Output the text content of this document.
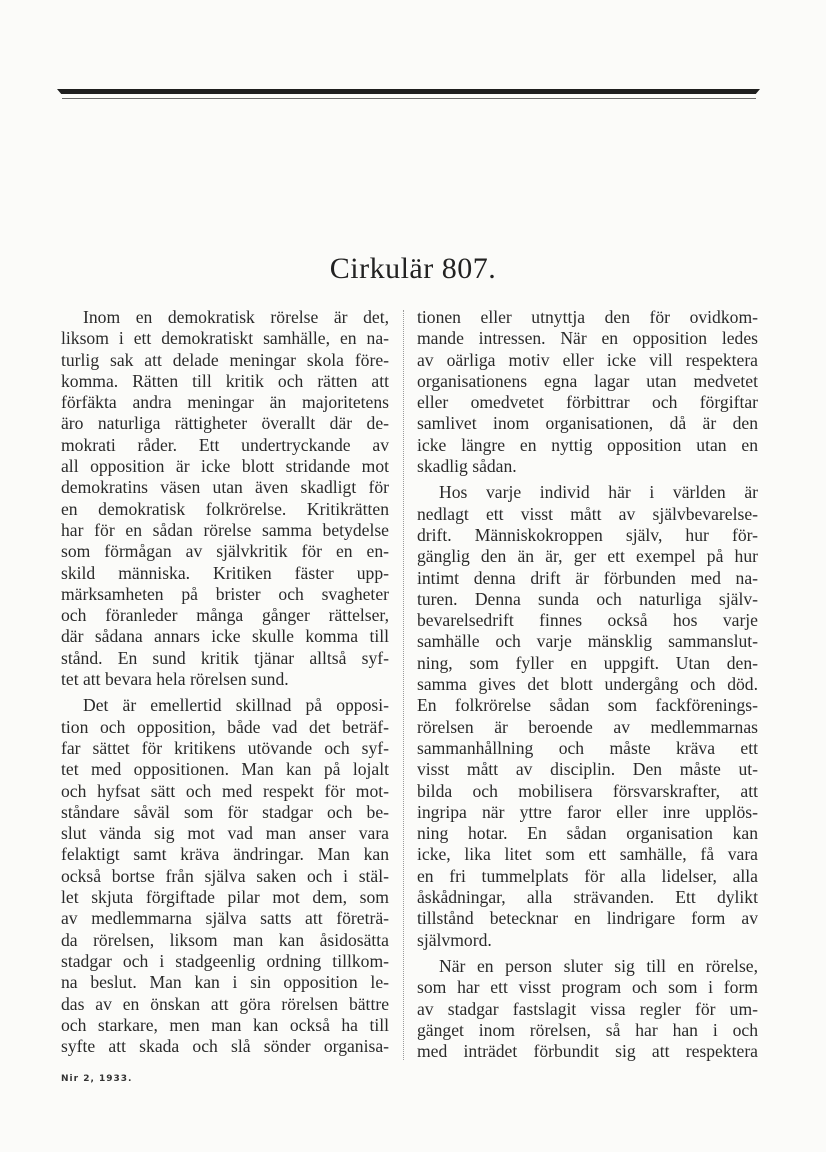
Cirkulär 807.
Inom en demokratisk rörelse är det,
liksom i ett demokratiskt samhälle, en na-
turlig sak att delade meningar skola före-
komma. Rätten till kritik och rätten att
förfäkta andra meningar än majoritetens
äro naturliga rättigheter överallt där de-
mokrati råder. Ett undertryckande av
all opposition är icke blott stridande mot
demokratins väsen utan även skadligt för
en demokratisk folkrörelse. Kritikrätten
har för en sådan rörelse samma betydelse
som förmågan av självkritik för en en-
skild människa. Kritiken fäster upp-
märksamheten på brister och svagheter
och föranleder många gånger rättelser,
där sådana annars icke skulle komma till
stånd. En sund kritik tjänar alltså syf-
tet att bevara hela rörelsen sund.
Det är emellertid skillnad på opposi-
tion och opposition, både vad det beträf-
far sättet för kritikens utövande och syf-
tet med oppositionen. Man kan på lojalt
och hyfsat sätt och med respekt för mot-
ståndare såväl som för stadgar och be-
slut vända sig mot vad man anser vara
felaktigt samt kräva ändringar. Man kan
också bortse från själva saken och i stäl-
let skjuta förgiftade pilar mot dem, som
av medlemmarna själva satts att företrä-
da rörelsen, liksom man kan åsidosätta
stadgar och i stadgeenlig ordning tillkom-
na beslut. Man kan i sin opposition le-
das av en önskan att göra rörelsen bättre
och starkare, men man kan också ha till
syfte att skada och slå sönder organisa-
tionen eller utnyttja den för ovidkom-
mande intressen. När en opposition ledes
av oärliga motiv eller icke vill respektera
organisationens egna lagar utan medvetet
eller omedvetet förbittrar och förgiftar
samlivet inom organisationen, då är den
icke längre en nyttig opposition utan en
skadlig sådan.
Hos varje individ här i världen är
nedlagt ett visst mått av självbevarelse-
drift. Människokroppen själv, hur för-
gänglig den än är, ger ett exempel på hur
intimt denna drift är förbunden med na-
turen. Denna sunda och naturliga själv-
bevarelsedrift finnes också hos varje
samhälle och varje mänsklig sammanslut-
ning, som fyller en uppgift. Utan den-
samma gives det blott undergång och död.
En folkrörelse sådan som fackförenings-
rörelsen är beroende av medlemmarnas
sammanhållning och måste kräva ett
visst mått av disciplin. Den måste ut-
bilda och mobilisera försvarskrafter, att
ingripa när yttre faror eller inre upplös-
ning hotar. En sådan organisation kan
icke, lika litet som ett samhälle, få vara
en fri tummelplats för alla lidelser, alla
åskådningar, alla strävanden. Ett dylikt
tillstånd betecknar en lindrigare form av
självmord.
När en person sluter sig till en rörelse,
som har ett visst program och som i form
av stadgar fastslagit vissa regler för um-
gänget inom rörelsen, så har han i och
med inträdet förbundit sig att respektera
Nir 2, 1933.
